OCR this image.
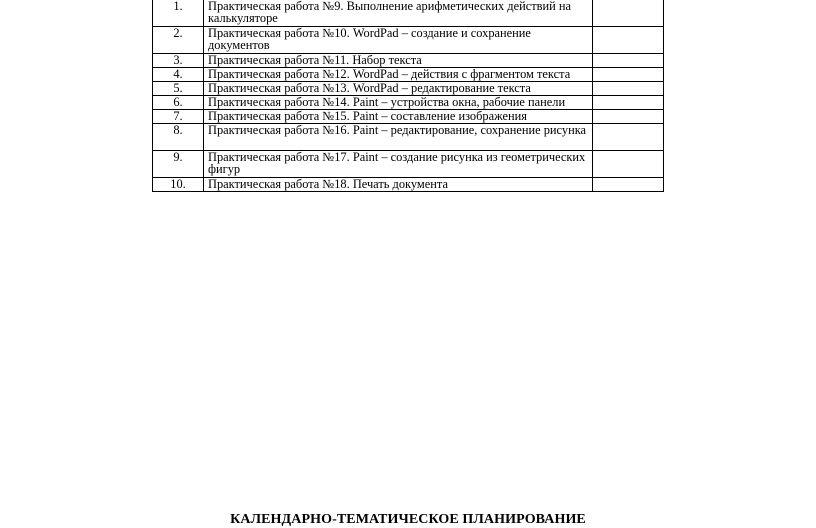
1.	Практическая работа №9. Выполнение арифметических действий на калькуляторе	
2.	Практическая работа №10. WordPad – создание и сохранение документов	
3.	Практическая работа №11. Набор текста	
4.	Практическая работа №12. WordPad – действия с фрагментом текста	
5.	Практическая работа №13. WordPad – редактирование текста	
6.	Практическая работа №14. Paint – устройства окна, рабочие панели	
7.	Практическая работа №15. Paint – составление изображения	
8.	Практическая работа №16. Paint – редактирование, сохранение рисунка	
9.	Практическая работа №17. Paint – создание рисунка из геометрических фигур	
10.	Практическая работа №18. Печать документа	
КАЛЕНДАРНО-ТЕМАТИЧЕСКОЕ ПЛАНИРОВАНИЕ
